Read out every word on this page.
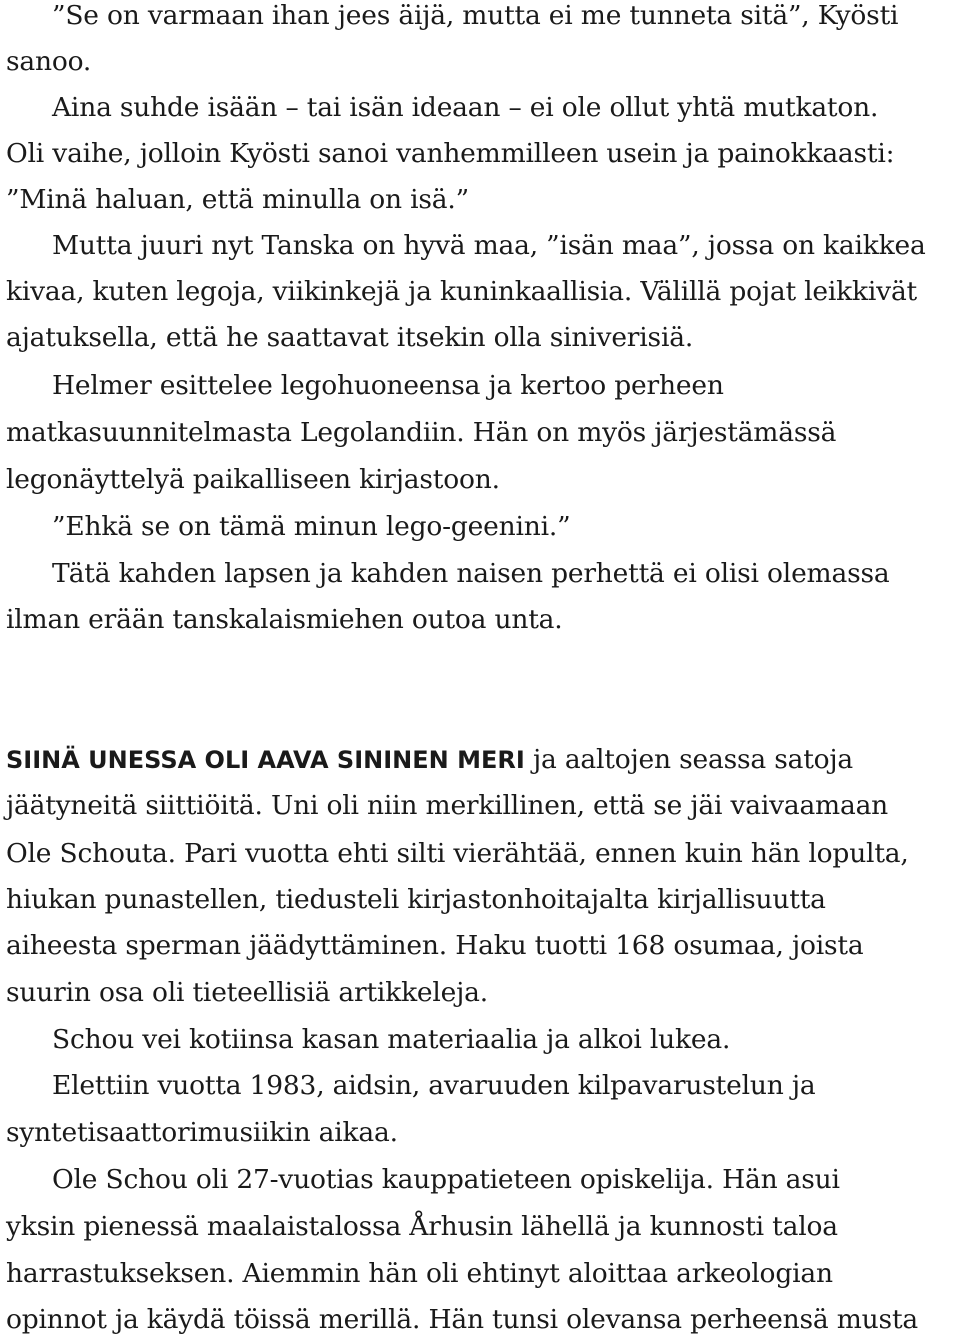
”Se on varmaan ihan jees äijä, mutta ei me tunneta sitä”, Kyösti
sanoo.
Aina suhde isään – tai isän ideaan – ei ole ollut yhtä mutkaton.
Oli vaihe, jolloin Kyösti sanoi vanhemmilleen usein ja painokkaasti:
”Minä haluan, että minulla on isä.”
Mutta juuri nyt Tanska on hyvä maa, ”isän maa”, jossa on kaikkea
kivaa, kuten legoja, viikinkejä ja kuninkaallisia. Välillä pojat leikkivät
ajatuksella, että he saattavat itsekin olla siniverisiä.
Helmer esittelee legohuoneensa ja kertoo perheen
matkasuunnitelmasta Legolandiin. Hän on myös järjestämässä
legonäyttelyä paikalliseen kirjastoon.
”Ehkä se on tämä minun lego-geenini.”
Tätä kahden lapsen ja kahden naisen perhettä ei olisi olemassa
ilman erään tanskalaismiehen outoa unta.
SIINÄ UNESSA OLI AAVA SININEN MERI ja aaltojen seassa satoja
jäätyneitä siittiöitä. Uni oli niin merkillinen, että se jäi vaivaamaan
Ole Schouta. Pari vuotta ehti silti vierähtää, ennen kuin hän lopulta,
hiukan punastellen, tiedusteli kirjastonhoitajalta kirjallisuutta
aiheesta sperman jäädyttäminen. Haku tuotti 168 osumaa, joista
suurin osa oli tieteellisiä artikkeleja.
Schou vei kotiinsa kasan materiaalia ja alkoi lukea.
Elettiin vuotta 1983, aidsin, avaruuden kilpavarustelun ja
syntetisaattorimusiikin aikaa.
Ole Schou oli 27-vuotias kauppatieteen opiskelija. Hän asui
yksin pienessä maalaistalossa Århusin lähellä ja kunnosti taloa
harrastukseksen. Aiemmin hän oli ehtinyt aloittaa arkeologian
opinnot ja käydä töissä merillä. Hän tunsi olevansa perheensä musta
